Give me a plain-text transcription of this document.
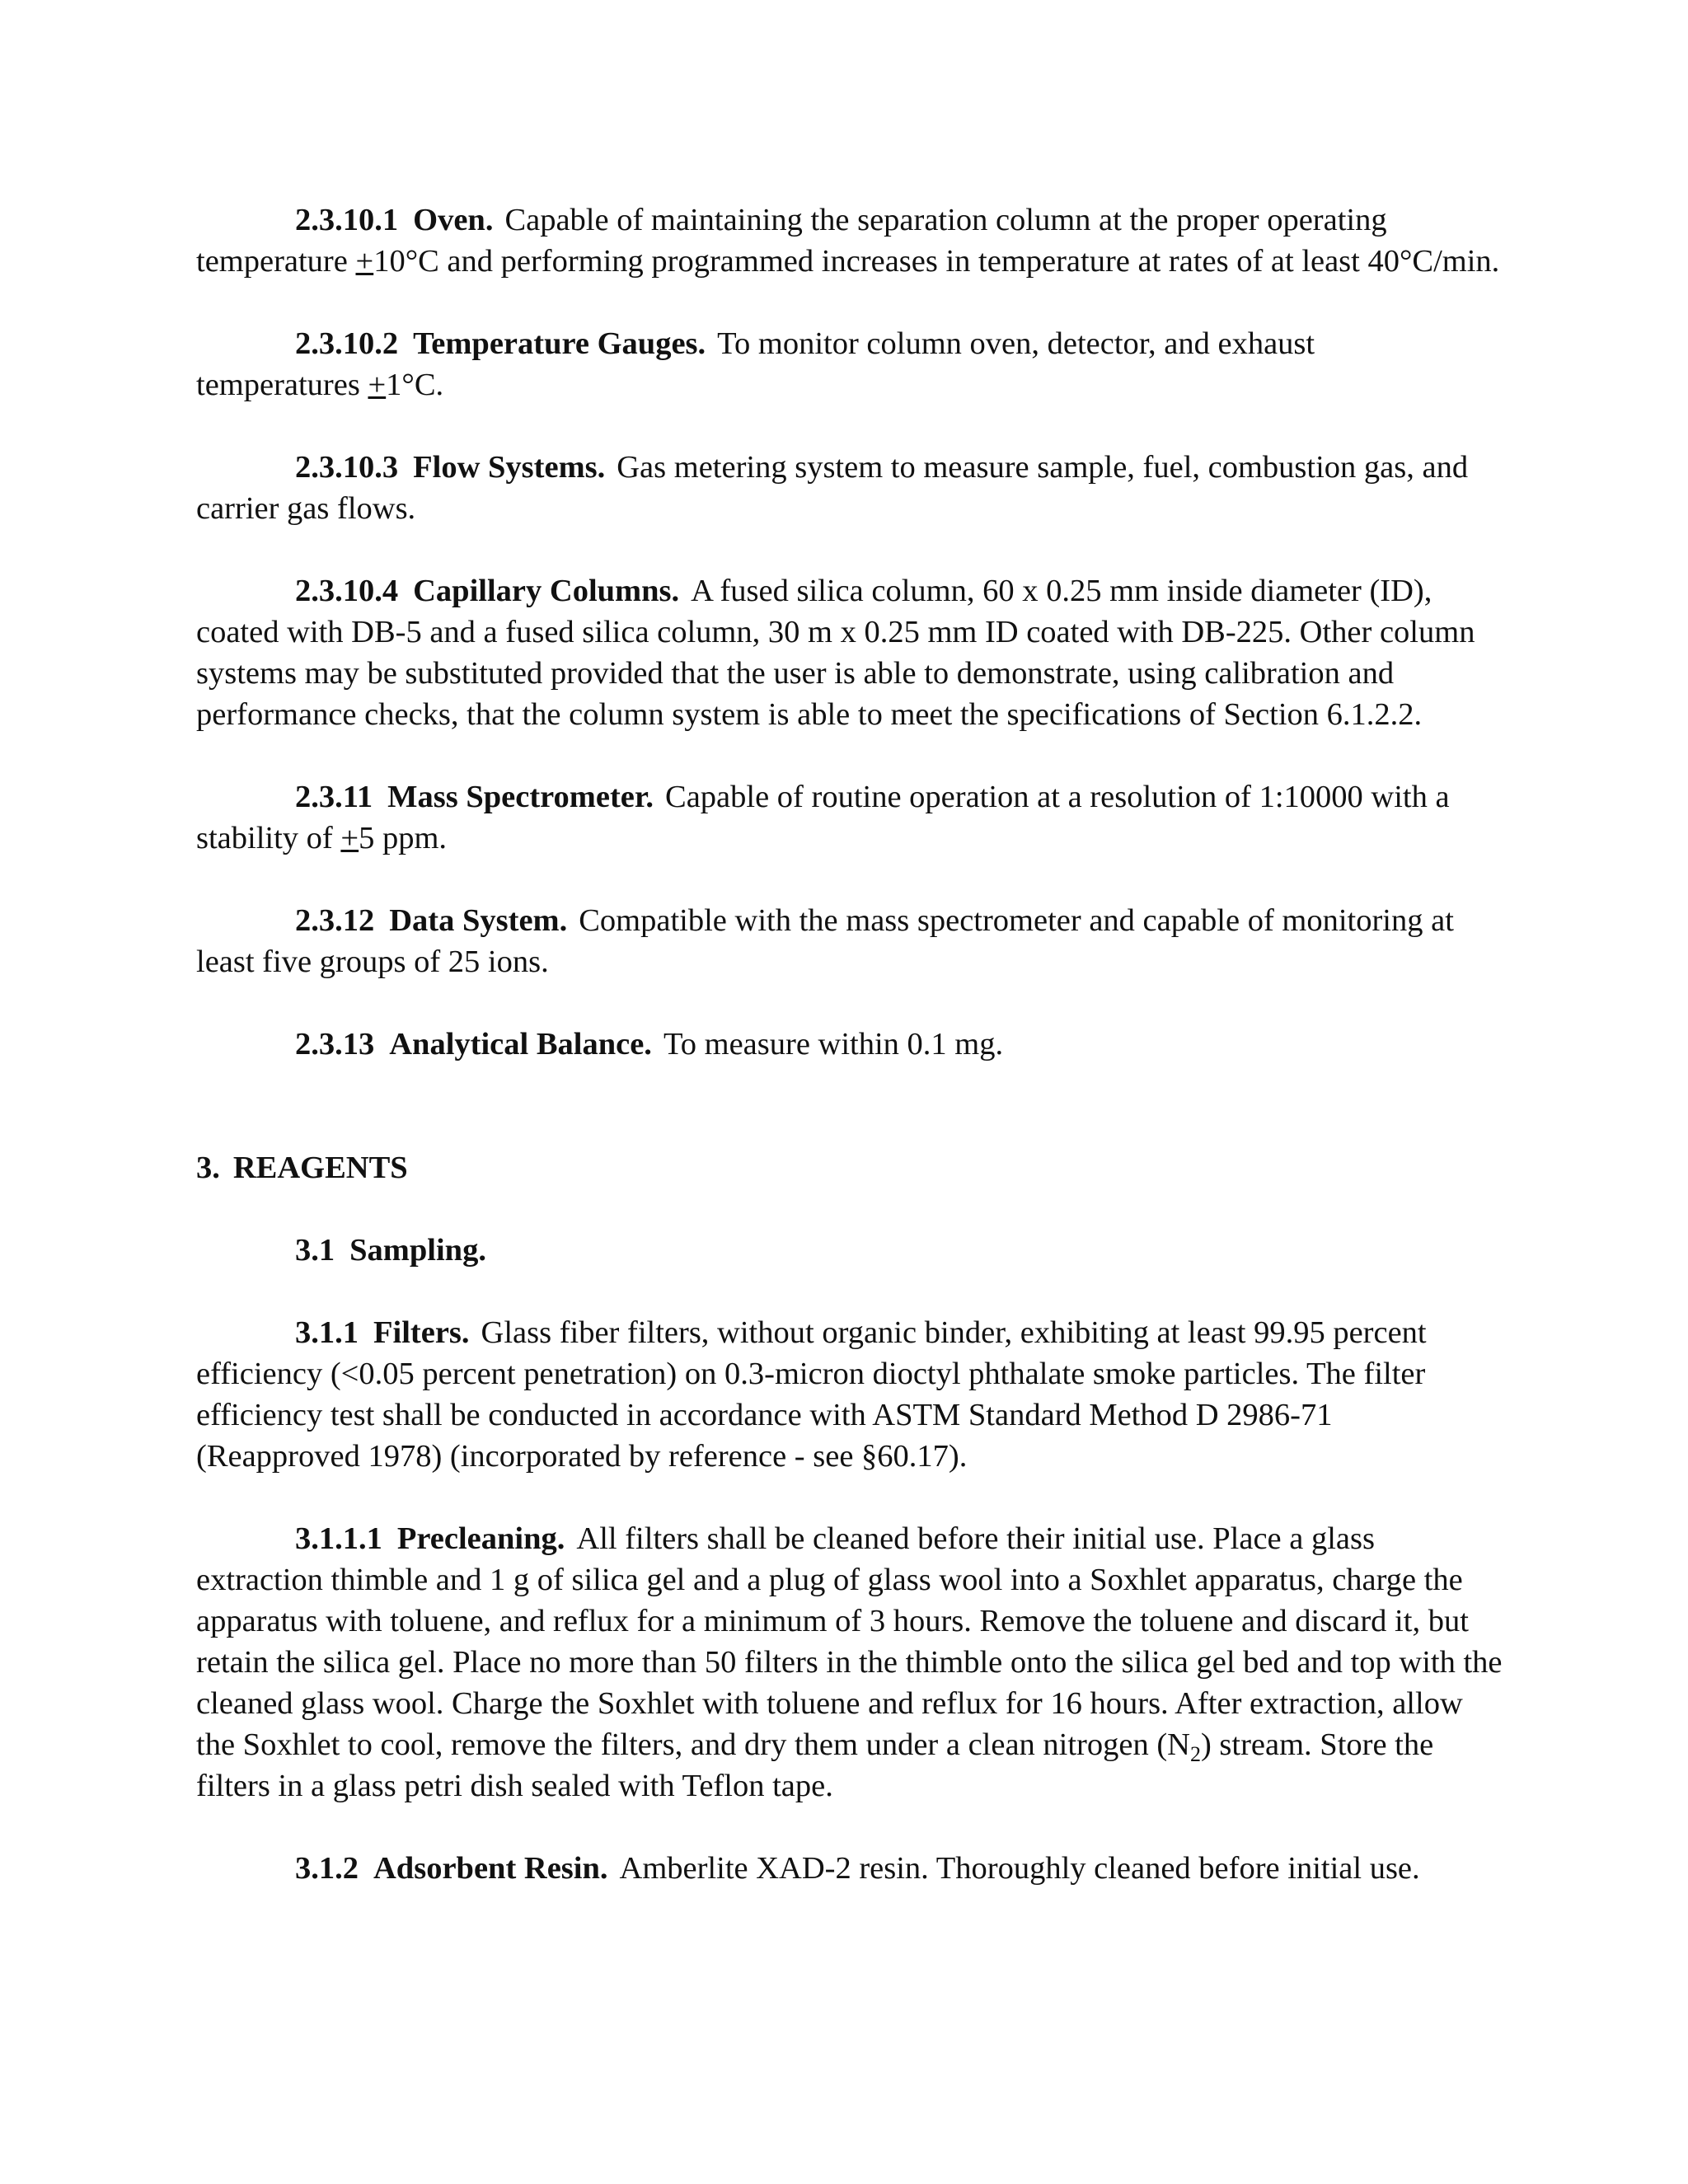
2.3.10.1 Oven. Capable of maintaining the separation column at the proper operating
temperature +10°C and performing programmed increases in temperature at rates of at least 40°C/min.
2.3.10.2 Temperature Gauges. To monitor column oven, detector, and exhaust
temperatures +1°C.
2.3.10.3 Flow Systems. Gas metering system to measure sample, fuel, combustion gas, and
carrier gas flows.
2.3.10.4 Capillary Columns. A fused silica column, 60 x 0.25 mm inside diameter (ID),
coated with DB-5 and a fused silica column, 30 m x 0.25 mm ID coated with DB-225. Other column
systems may be substituted provided that the user is able to demonstrate, using calibration and
performance checks, that the column system is able to meet the specifications of Section 6.1.2.2.
2.3.11 Mass Spectrometer. Capable of routine operation at a resolution of 1:10000 with a
stability of +5 ppm.
2.3.12 Data System. Compatible with the mass spectrometer and capable of monitoring at
least five groups of 25 ions.
2.3.13 Analytical Balance. To measure within 0.1 mg.
3. REAGENTS
3.1 Sampling.
3.1.1 Filters. Glass fiber filters, without organic binder, exhibiting at least 99.95 percent
efficiency (<0.05 percent penetration) on 0.3-micron dioctyl phthalate smoke particles. The filter
efficiency test shall be conducted in accordance with ASTM Standard Method D 2986-71
(Reapproved 1978) (incorporated by reference - see §60.17).
3.1.1.1 Precleaning. All filters shall be cleaned before their initial use. Place a glass
extraction thimble and 1 g of silica gel and a plug of glass wool into a Soxhlet apparatus, charge the
apparatus with toluene, and reflux for a minimum of 3 hours. Remove the toluene and discard it, but
retain the silica gel. Place no more than 50 filters in the thimble onto the silica gel bed and top with the
cleaned glass wool. Charge the Soxhlet with toluene and reflux for 16 hours. After extraction, allow
the Soxhlet to cool, remove the filters, and dry them under a clean nitrogen $(N_2)$ stream. Store the
filters in a glass petri dish sealed with Teflon tape.
3.1.2 Adsorbent Resin. Amberlite XAD-2 resin. Thoroughly cleaned before initial use.
